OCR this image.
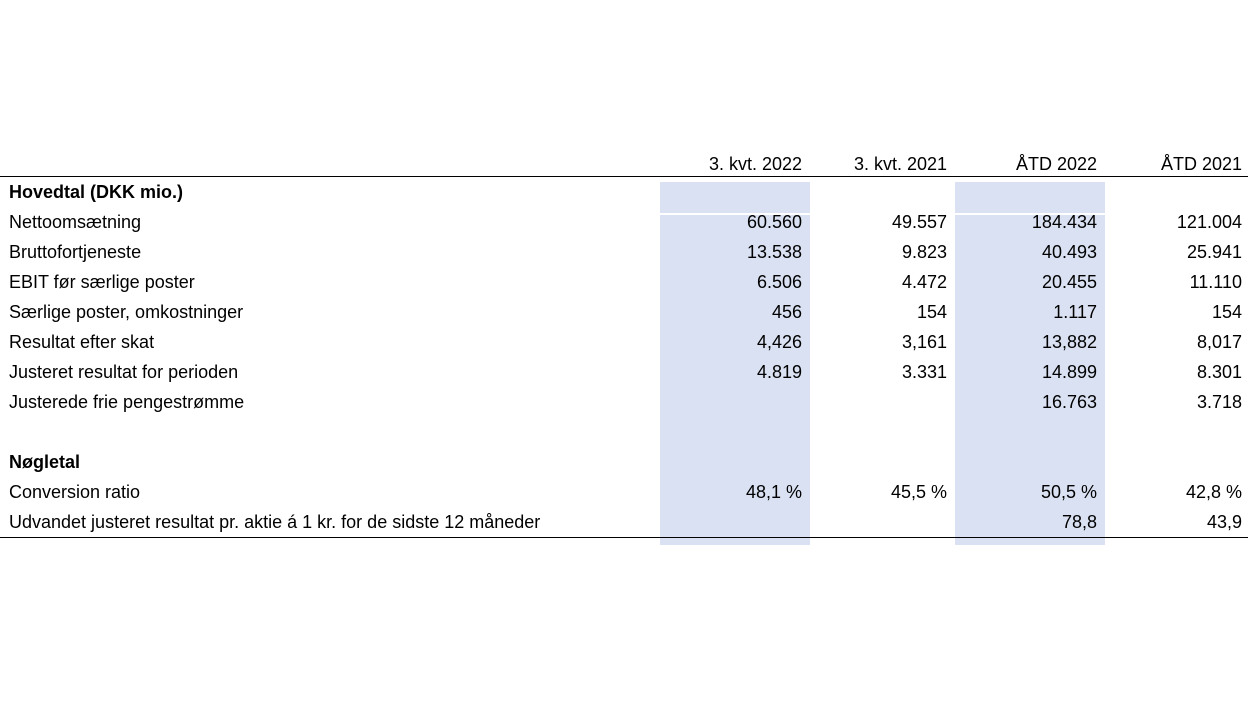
	3. kvt. 2022	3. kvt. 2021	ÅTD 2022	ÅTD 2021
Hovedtal (DKK mio.)				
Nettoomsætning	60.560	49.557	184.434	121.004
Bruttofortjeneste	13.538	9.823	40.493	25.941
EBIT før særlige poster	6.506	4.472	20.455	11.110
Særlige poster, omkostninger	456	154	1.117	154
Resultat efter skat	4,426	3,161	13,882	8,017
Justeret resultat for perioden	4.819	3.331	14.899	8.301
Justerede frie pengestrømme			16.763	3.718

Nøgletal				
Conversion ratio	48,1 %	45,5 %	50,5 %	42,8 %
Udvandet justeret resultat pr. aktie á 1 kr. for de sidste 12 måneder			78,8	43,9
